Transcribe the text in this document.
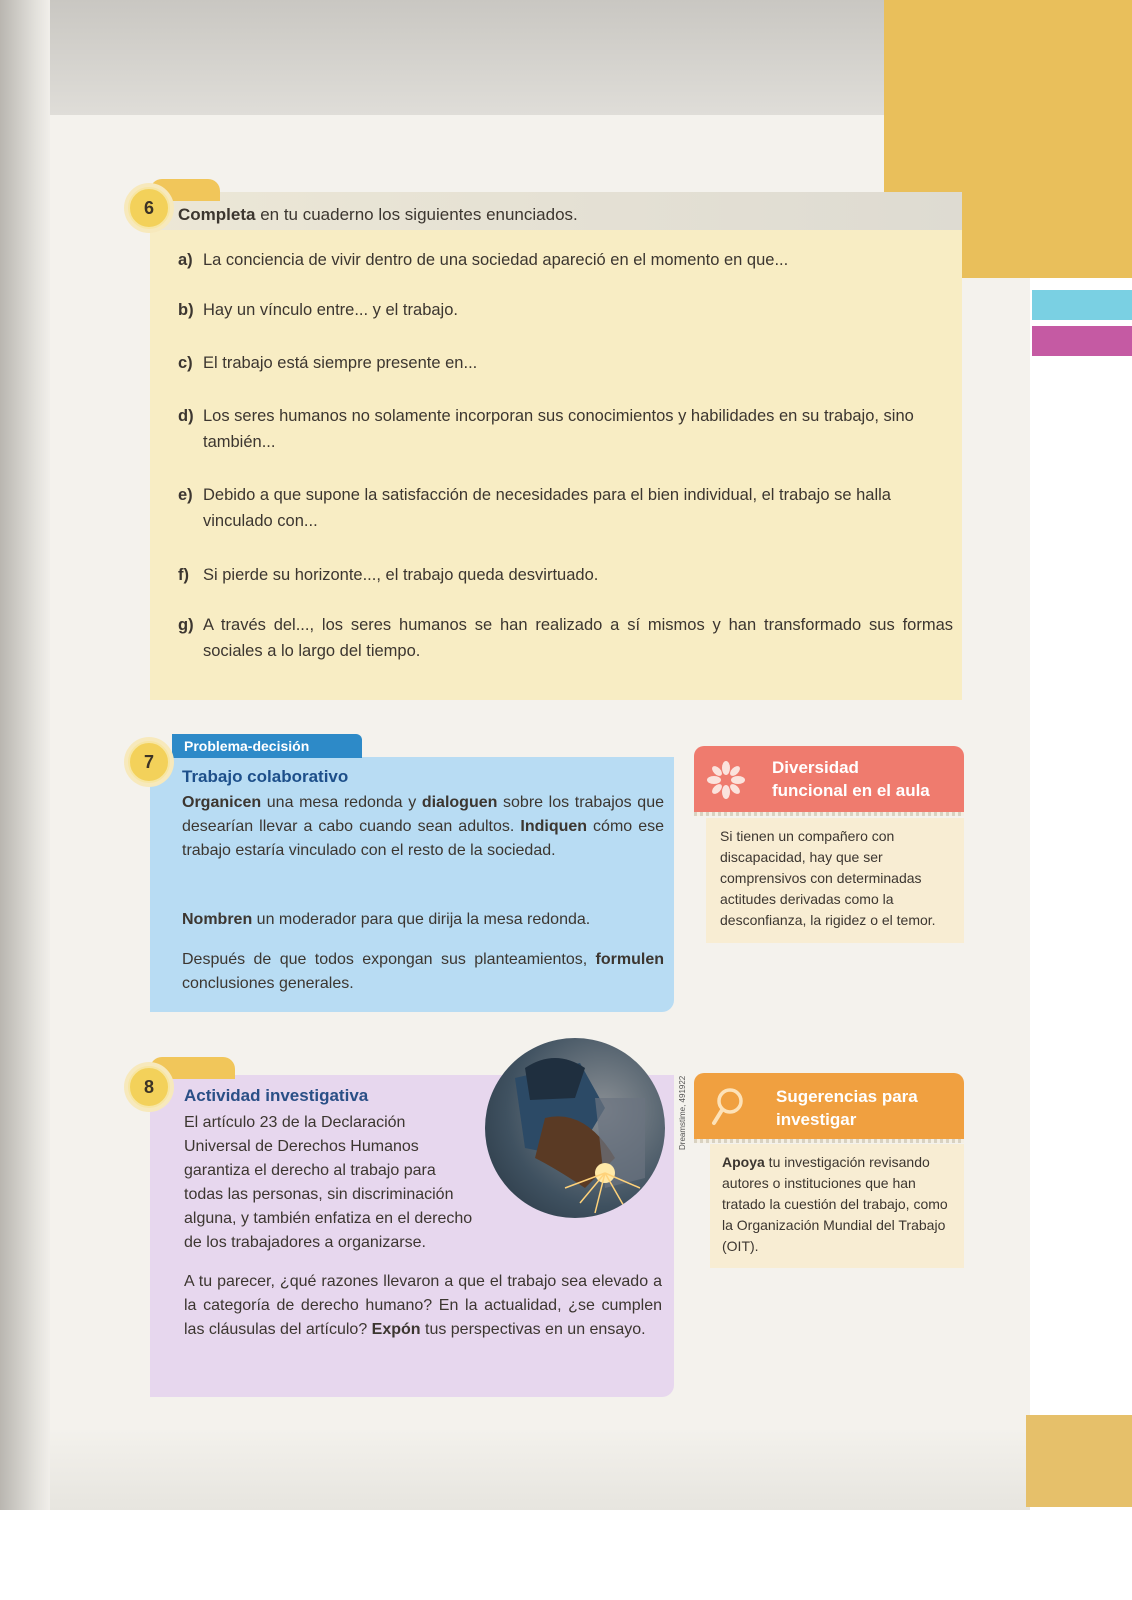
6	Completa en tu cuaderno los siguientes enunciados.
a) La conciencia de vivir dentro de una sociedad apareció en el momento en que...
b) Hay un vínculo entre... y el trabajo.
c) El trabajo está siempre presente en...
d) Los seres humanos no solamente incorporan sus conocimientos y habilidades en su trabajo, sino también...
e) Debido a que supone la satisfacción de necesidades para el bien individual, el trabajo se halla vinculado con...
f) Si pierde su horizonte..., el trabajo queda desvirtuado.
g) A través del..., los seres humanos se han realizado a sí mismos y han transformado sus formas sociales a lo largo del tiempo.
Problema-decisión
7
Trabajo colaborativo
Organicen una mesa redonda y dialoguen sobre los trabajos que desearían llevar a cabo cuando sean adultos. Indiquen cómo ese trabajo estaría vinculado con el resto de la sociedad.
Nombren un moderador para que dirija la mesa redonda.
Después de que todos expongan sus planteamientos, formulen conclusiones generales.
Diversidad
funcional en el aula
Si tienen un compañero con discapacidad, hay que ser comprensivos con determinadas actitudes derivadas como la desconfianza, la rigidez o el temor.
8	Actividad investigativa
El artículo 23 de la Declaración
Universal de Derechos Humanos
garantiza el derecho al trabajo para
todas las personas, sin discriminación
alguna, y también enfatiza en el derecho
de los trabajadores a organizarse.
A tu parecer, ¿qué razones llevaron a que el trabajo sea elevado a la categoría de derecho humano? En la actualidad, ¿se cumplen las cláusulas del artículo? Expón tus perspectivas en un ensayo.
Dreamstime, 491922	Sugerencias para
investigar
Apoya tu investigación revisando autores o instituciones que han tratado la cuestión del trabajo, como la Organización Mundial del Trabajo (OIT).
